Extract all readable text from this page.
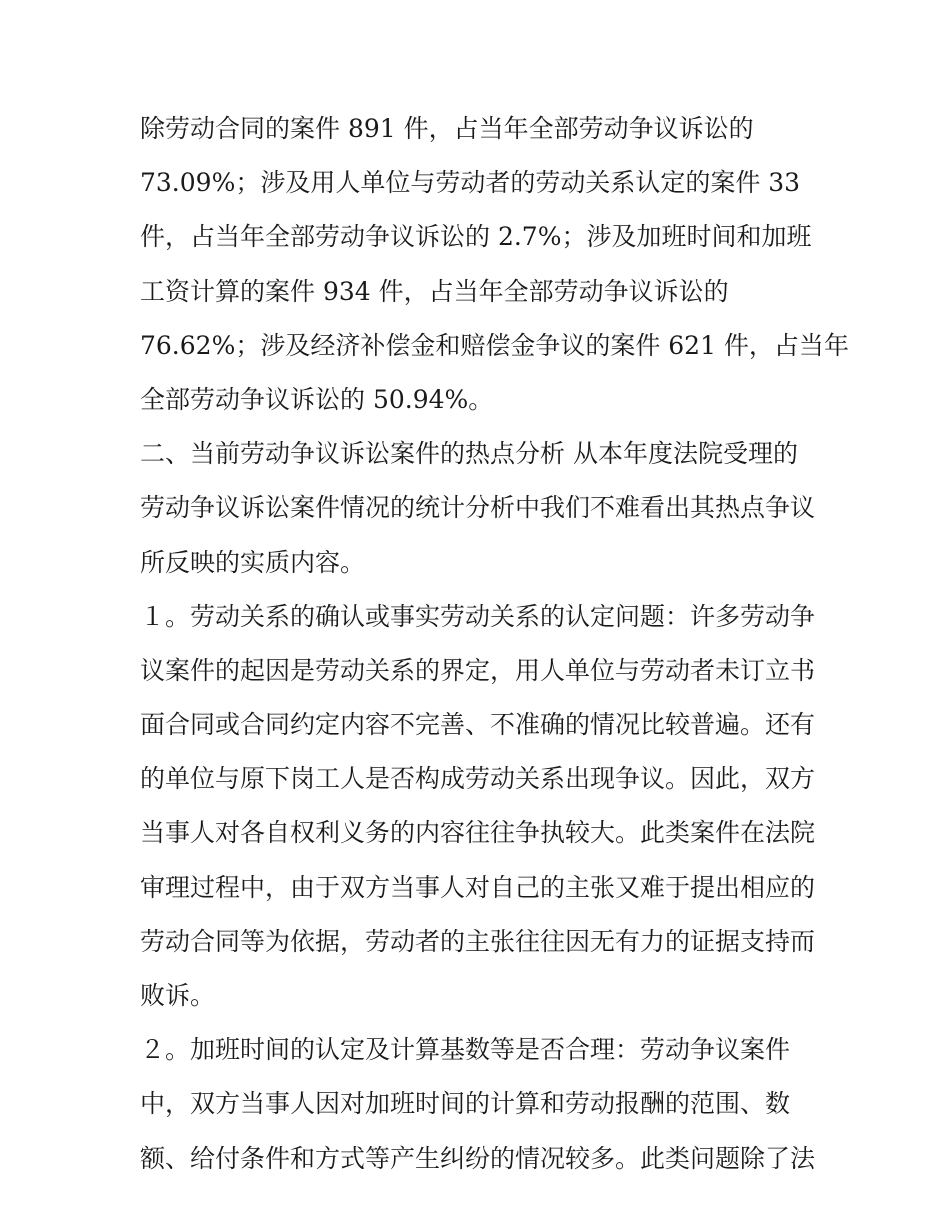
除劳动合同的案件 891 件，占当年全部劳动争议诉讼的
73.09%；涉及用人单位与劳动者的劳动关系认定的案件 33
件，占当年全部劳动争议诉讼的 2.7%；涉及加班时间和加班
工资计算的案件 934 件，占当年全部劳动争议诉讼的
76.62%；涉及经济补偿金和赔偿金争议的案件 621 件，占当年
全部劳动争议诉讼的 50.94%。
二、当前劳动争议诉讼案件的热点分析 从本年度法院受理的
劳动争议诉讼案件情况的统计分析中我们不难看出其热点争议
所反映的实质内容。
１。劳动关系的确认或事实劳动关系的认定问题：许多劳动争
议案件的起因是劳动关系的界定，用人单位与劳动者未订立书
面合同或合同约定内容不完善、不准确的情况比较普遍。还有
的单位与原下岗工人是否构成劳动关系出现争议。因此，双方
当事人对各自权利义务的内容往往争执较大。此类案件在法院
审理过程中，由于双方当事人对自己的主张又难于提出相应的
劳动合同等为依据，劳动者的主张往往因无有力的证据支持而
败诉。
２。加班时间的认定及计算基数等是否合理：劳动争议案件
中，双方当事人因对加班时间的计算和劳动报酬的范围、数
额、给付条件和方式等产生纠纷的情况较多。此类问题除了法
